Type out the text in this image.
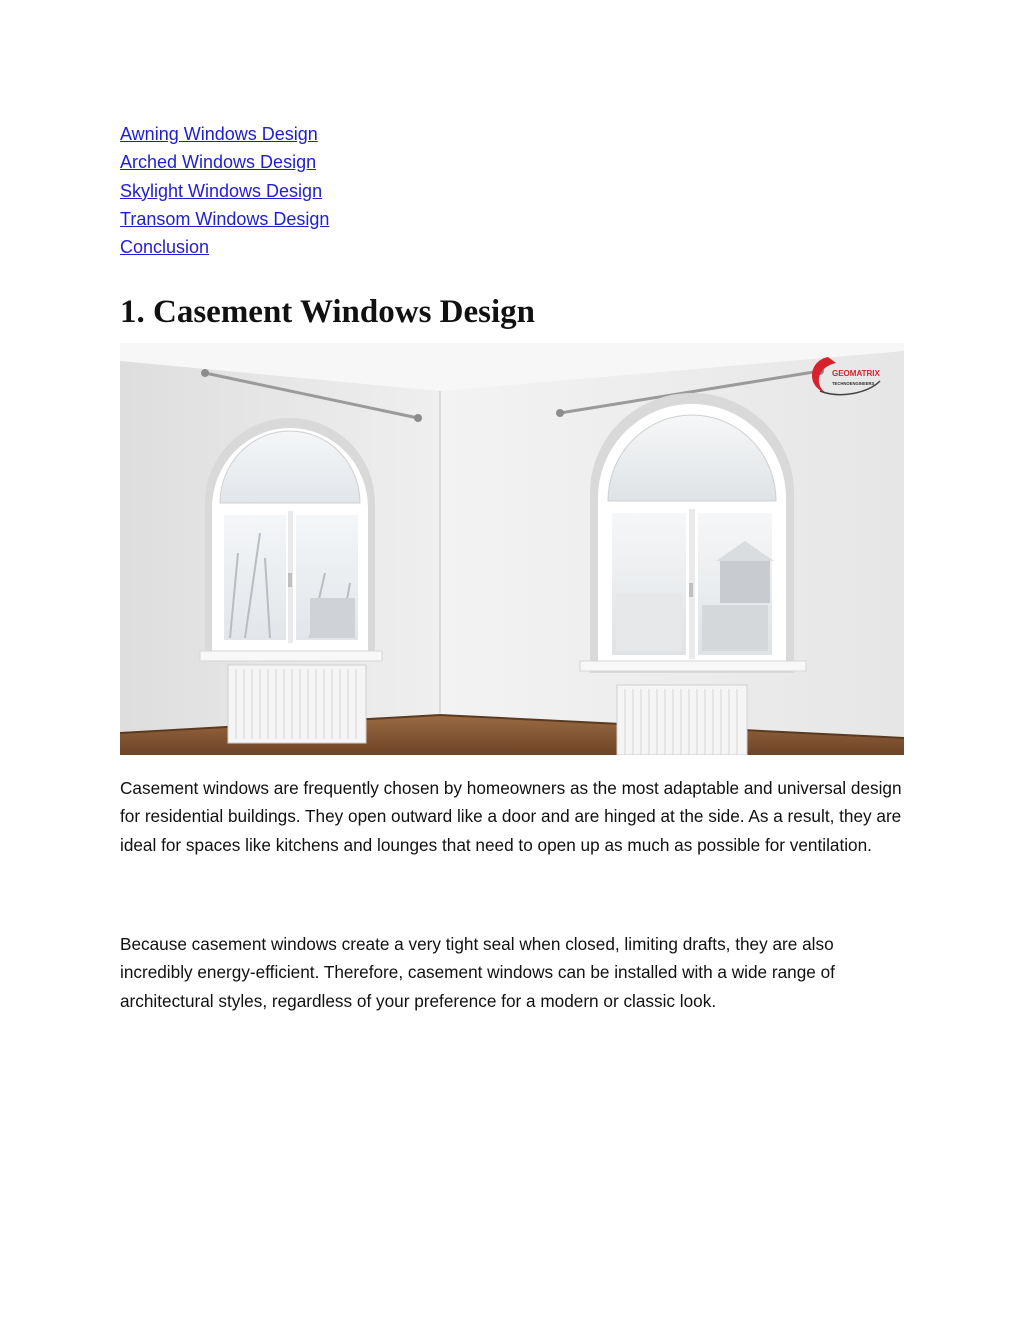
Awning Windows Design
Arched Windows Design
Skylight Windows Design
Transom Windows Design
Conclusion
1. Casement Windows Design
GEOMATRIX
TECHNOENGINEERS

Casement windows are frequently chosen by homeowners as the most adaptable and universal design for residential buildings. They open outward like a door and are hinged at the side. As a result, they are ideal for spaces like kitchens and lounges that need to open up as much as possible for ventilation.

Because casement windows create a very tight seal when closed, limiting drafts, they are also incredibly energy-efficient. Therefore, casement windows can be installed with a wide range of architectural styles, regardless of your preference for a modern or classic look.
